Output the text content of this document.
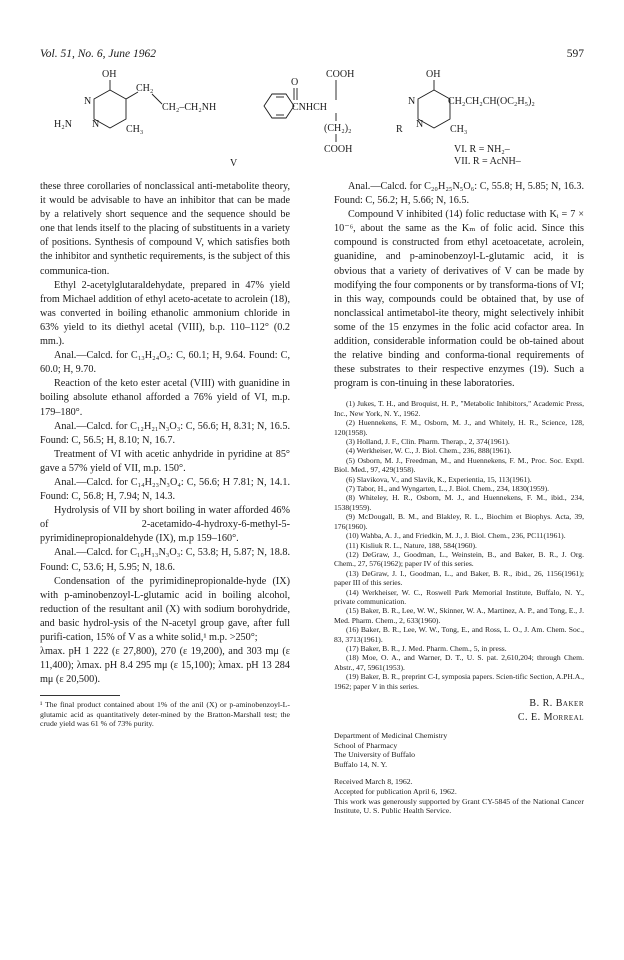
Vol. 51, No. 6, June 1962	597
OH
N
N
H₂N	CH₃
CH₂
CH₂–CH₂NH
O
CNHCH
COOH
(CH₂)₂
COOH
V
OH
N
N
R	CH₃
CH₂CH₂CH(OC₂H₅)₂
VI. R = NH₂–
VII. R = AcNH–

these three corollaries of nonclassical anti-metabolite theory, it would be advisable to have an inhibitor that can be made by a relatively short sequence and the sequence should be one that lends itself to the placing of substituents in a variety of positions. Synthesis of compound V, which satisfies both the inhibitor and synthetic requirements, is the subject of this communica-tion.

Ethyl 2-acetylglutaraldehydate, prepared in 47% yield from Michael addition of ethyl aceto-acetate to acrolein (18), was converted in boiling ethanolic ammonium chloride in 63% yield to its diethyl acetal (VIII), b.p. 110–112° (0.2 mm.).

Anal.—Calcd. for C₁₃H₂₄O₅: C, 60.1; H, 9.64. Found: C, 60.0; H, 9.70.

Reaction of the keto ester acetal (VIII) with guanidine in boiling absolute ethanol afforded a 76% yield of VI, m.p. 179–180°.

Anal.—Calcd. for C₁₂H₂₁N₃O₃: C, 56.6; H, 8.31; N, 16.5. Found: C, 56.5; H, 8.10; N, 16.7.

Treatment of VI with acetic anhydride in pyridine at 85° gave a 57% yield of VII, m.p. 150°.

Anal.—Calcd. for C₁₄H₂₃N₃O₄: C, 56.6; H 7.81; N, 14.1. Found: C, 56.8; H, 7.94; N, 14.3.

Hydrolysis of VII by short boiling in water afforded 46% of 2-acetamido-4-hydroxy-6-methyl-5-pyrimidinepropionaldehyde (IX), m.p 159–160°.

Anal.—Calcd. for C₁₀H₁₃N₃O₃: C, 53.8; H, 5.87; N, 18.8. Found: C, 53.6; H, 5.95; N, 18.6.

Condensation of the pyrimidinepropionalde-hyde (IX) with p-aminobenzoyl-L-glutamic acid in boiling alcohol, reduction of the resultant anil (X) with sodium borohydride, and basic hydrol-ysis of the N-acetyl group gave, after full purifi-cation, 15% of V as a white solid,¹ m.p. >250°;

λmax. pH 1 222 (ε 27,800), 270 (ε 19,200), and 303 mμ (ε 11,400); λmax. pH 8.4 295 mμ (ε 15,100); λmax. pH 13 284 mμ (ε 20,500).

¹ The final product contained about 1% of the anil (X) or p-aminobenzoyl-L-glutamic acid as quantitatively deter-mined by the Bratton-Marshall test; the crude yield was 61 % of 73% purity.

Anal.—Calcd. for C₂₀H₂₅N₅O₆: C, 55.8; H, 5.85; N, 16.3. Found: C, 56.2; H, 5.66; N, 16.5.

Compound V inhibited (14) folic reductase with Kᵢ = 7 × 10⁻⁶, about the same as the Kₘ of folic acid. Since this compound is constructed from ethyl acetoacetate, acrolein, guanidine, and p-aminobenzoyl-L-glutamic acid, it is obvious that a variety of derivatives of V can be made by modifying the four components or by transforma-tions of VI; in this way, compounds could be obtained that, by use of nonclassical antimetabol-ite theory, might selectively inhibit some of the 15 enzymes in the folic acid cofactor area. In addition, considerable information could be ob-tained about the relative binding and conforma-tional requirements of these substrates to their respective enzymes (19). Such a program is con-tinuing in these laboratories.

(1) Jukes, T. H., and Broquist, H. P., "Metabolic Inhibitors," Academic Press, Inc., New York, N. Y., 1962.
(2) Huennekens, F. M., Osborn, M. J., and Whitely, H. R., Science, 128, 120(1958).
(3) Holland, J. F., Clin. Pharm. Therap., 2, 374(1961).
(4) Werkheiser, W. C., J. Biol. Chem., 236, 888(1961).
(5) Osborn, M. J., Freedman, M., and Huennekens, F. M., Proc. Soc. Exptl. Biol. Med., 97, 429(1958).
(6) Slavikova, V., and Slavik, K., Experientia, 15, 113(1961).
(7) Tabor, H., and Wyngarten, L., J. Biol. Chem., 234, 1830(1959).
(8) Whiteley, H. R., Osborn, M. J., and Huennekens, F. M., ibid., 234, 1538(1959).
(9) McDougall, B. M., and Blakley, R. L., Biochim et Biophys. Acta, 39, 176(1960).
(10) Wahba, A. J., and Friedkin, M. J., J. Biol. Chem., 236, PC11(1961).
(11) Kisliuk R. L., Nature, 188, 584(1960).
(12) DeGraw, J., Goodman, L., Weinstein, B., and Baker, B. R., J. Org. Chem., 27, 576(1962); paper IV of this series.
(13) DeGraw, J. I., Goodman, L., and Baker, B. R., ibid., 26, 1156(1961); paper III of this series.
(14) Werkheiser, W. C., Roswell Park Memorial Institute, Buffalo, N. Y., private communication.
(15) Baker, B. R., Lee, W. W., Skinner, W. A., Martinez, A. P., and Tong, E., J. Med. Pharm. Chem., 2, 633(1960).
(16) Baker, B. R., Lee, W. W., Tong, E., and Ross, L. O., J. Am. Chem. Soc., 83, 3713(1961).
(17) Baker, B. R., J. Med. Pharm. Chem., 5, in press.
(18) Moe, O. A., and Warner, D. T., U. S. pat. 2,610,204; through Chem. Abstr., 47, 5961(1953).
(19) Baker, B. R., preprint C-I, symposia papers. Scien-tific Section, A.PH.A., 1962; paper V in this series.
B. R. Baker
C. E. Morreal
Department of Medicinal Chemistry
School of Pharmacy
The University of Buffalo
Buffalo 14, N. Y.
Received March 8, 1962.
Accepted for publication April 6, 1962.
This work was generously supported by Grant CY-5845 of the National Cancer Institute, U. S. Public Health Service.
